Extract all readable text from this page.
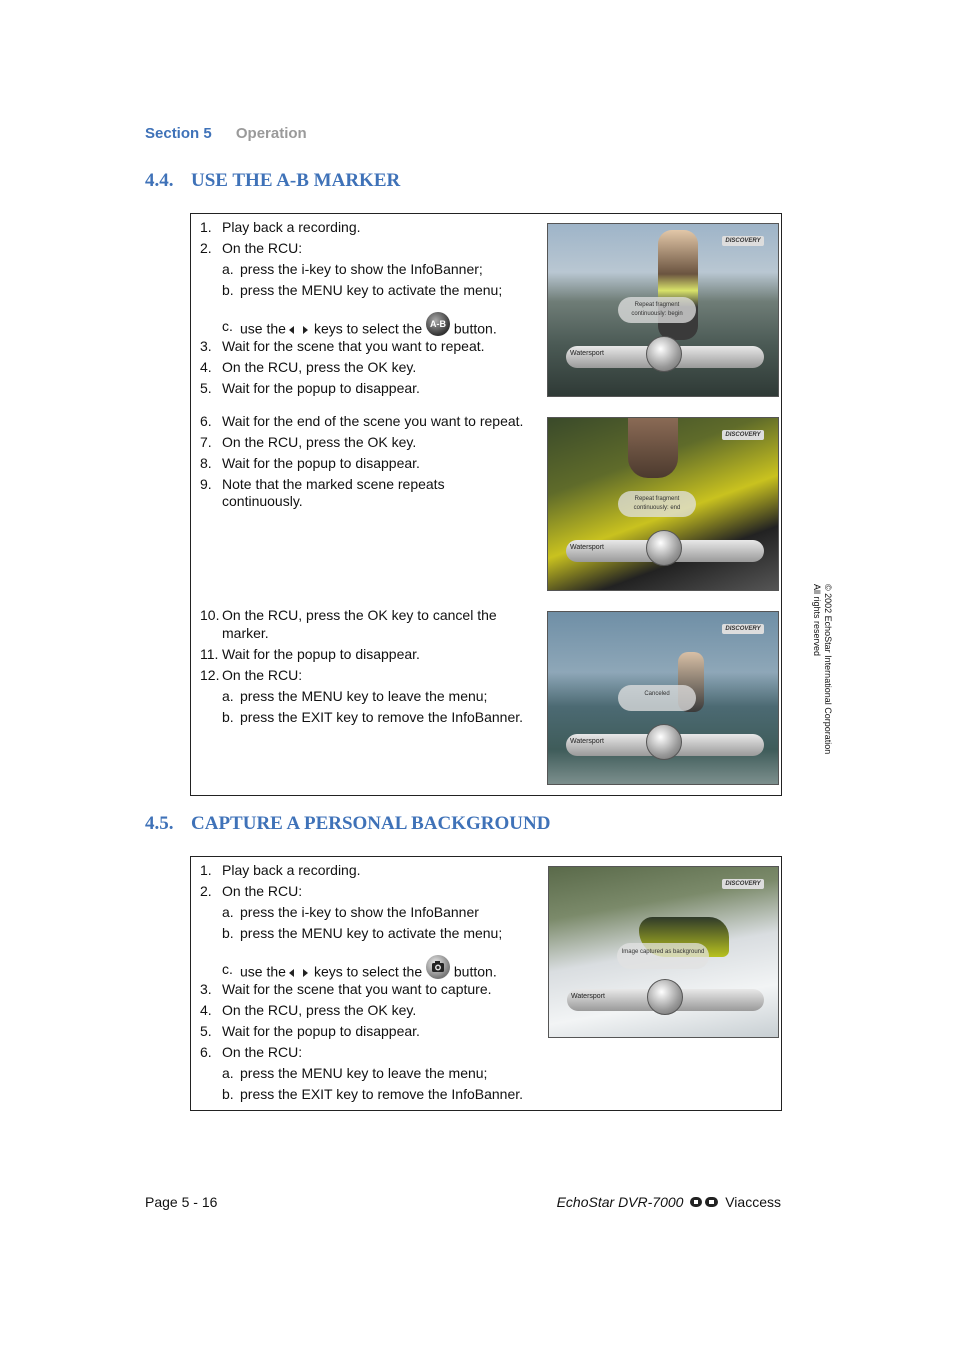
Section 5 Operation
4.4. USE THE A-B MARKER
1. Play back a recording.
2. On the RCU:
a. press the i-key to show the InfoBanner;
b. press the MENU key to activate the menu;
c. use the keys to select the A-B button.
3. Wait for the scene that you want to repeat.
4. On the RCU, press the OK key.
5. Wait for the popup to disappear.
DISCOVERY
Repeat fragment continuously: begin
Watersport
6. Wait for the end of the scene you want to repeat.
7. On the RCU, press the OK key.
8. Wait for the popup to disappear.
9. Note that the marked scene repeats
continuously.
DISCOVERY
Repeat fragment continuously: end
Watersport
10. On the RCU, press the OK key to cancel the
marker.
11. Wait for the popup to disappear.
12. On the RCU:
a. press the MENU key to leave the menu;
b. press the EXIT key to remove the InfoBanner.
DISCOVERY
Canceled
Watersport
4.5. CAPTURE A PERSONAL BACKGROUND
1. Play back a recording.
2. On the RCU:
a. press the i-key to show the InfoBanner
b. press the MENU key to activate the menu;
c. use the keys to select the button.
3. Wait for the scene that you want to capture.
4. On the RCU, press the OK key.
5. Wait for the popup to disappear.
6. On the RCU:
a. press the MENU key to leave the menu;
b. press the EXIT key to remove the InfoBanner.
DISCOVERY
Image captured as background
Watersport
© 2002 EchoStar International Corporation
All rights reserved
Page 5 - 16	EchoStar DVR-7000	Viaccess
